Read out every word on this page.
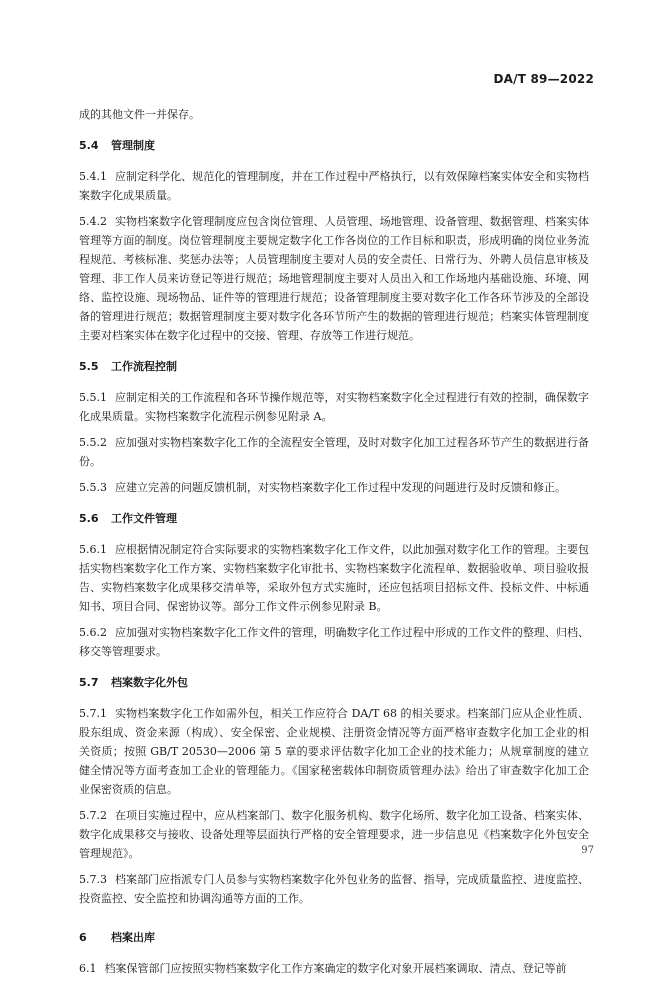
DA/T 89—2022

成的其他文件一并保存。

5.4 管理制度

5.4.1 应制定科学化、规范化的管理制度，并在工作过程中严格执行，以有效保障档案实体安全和实物档案数字化成果质量。

5.4.2 实物档案数字化管理制度应包含岗位管理、人员管理、场地管理、设备管理、数据管理、档案实体管理等方面的制度。岗位管理制度主要规定数字化工作各岗位的工作目标和职责，形成明确的岗位业务流程规范、考核标准、奖惩办法等；人员管理制度主要对人员的安全责任、日常行为、外聘人员信息审核及管理、非工作人员来访登记等进行规范；场地管理制度主要对人员出入和工作场地内基础设施、环境、网络、监控设施、现场物品、证件等的管理进行规范；设备管理制度主要对数字化工作各环节涉及的全部设备的管理进行规范；数据管理制度主要对数字化各环节所产生的数据的管理进行规范；档案实体管理制度主要对档案实体在数字化过程中的交接、管理、存放等工作进行规范。

5.5 工作流程控制

5.5.1 应制定相关的工作流程和各环节操作规范等，对实物档案数字化全过程进行有效的控制，确保数字化成果质量。实物档案数字化流程示例参见附录 A。

5.5.2 应加强对实物档案数字化工作的全流程安全管理，及时对数字化加工过程各环节产生的数据进行备份。

5.5.3 应建立完善的问题反馈机制，对实物档案数字化工作过程中发现的问题进行及时反馈和修正。

5.6 工作文件管理

5.6.1 应根据情况制定符合实际要求的实物档案数字化工作文件，以此加强对数字化工作的管理。主要包括实物档案数字化工作方案、实物档案数字化审批书、实物档案数字化流程单、数据验收单、项目验收报告、实物档案数字化成果移交清单等，采取外包方式实施时，还应包括项目招标文件、投标文件、中标通知书、项目合同、保密协议等。部分工作文件示例参见附录 B。

5.6.2 应加强对实物档案数字化工作文件的管理，明确数字化工作过程中形成的工作文件的整理、归档、移交等管理要求。

5.7 档案数字化外包

5.7.1 实物档案数字化工作如需外包，相关工作应符合 DA/T 68 的相关要求。档案部门应从企业性质、股东组成、资金来源（构成）、安全保密、企业规模、注册资金情况等方面严格审查数字化加工企业的相关资质；按照 GB/T 20530—2006 第 5 章的要求评估数字化加工企业的技术能力；从规章制度的建立健全情况等方面考查加工企业的管理能力。《国家秘密载体印制资质管理办法》给出了审查数字化加工企业保密资质的信息。

5.7.2 在项目实施过程中，应从档案部门、数字化服务机构、数字化场所、数字化加工设备、档案实体、数字化成果移交与接收、设备处理等层面执行严格的安全管理要求，进一步信息见《档案数字化外包安全管理规范》。

5.7.3 档案部门应指派专门人员参与实物档案数字化外包业务的监督、指导，完成质量监控、进度监控、投资监控、安全监控和协调沟通等方面的工作。

6 档案出库

6.1 档案保管部门应按照实物档案数字化工作方案确定的数字化对象开展档案调取、清点、登记等前

97
